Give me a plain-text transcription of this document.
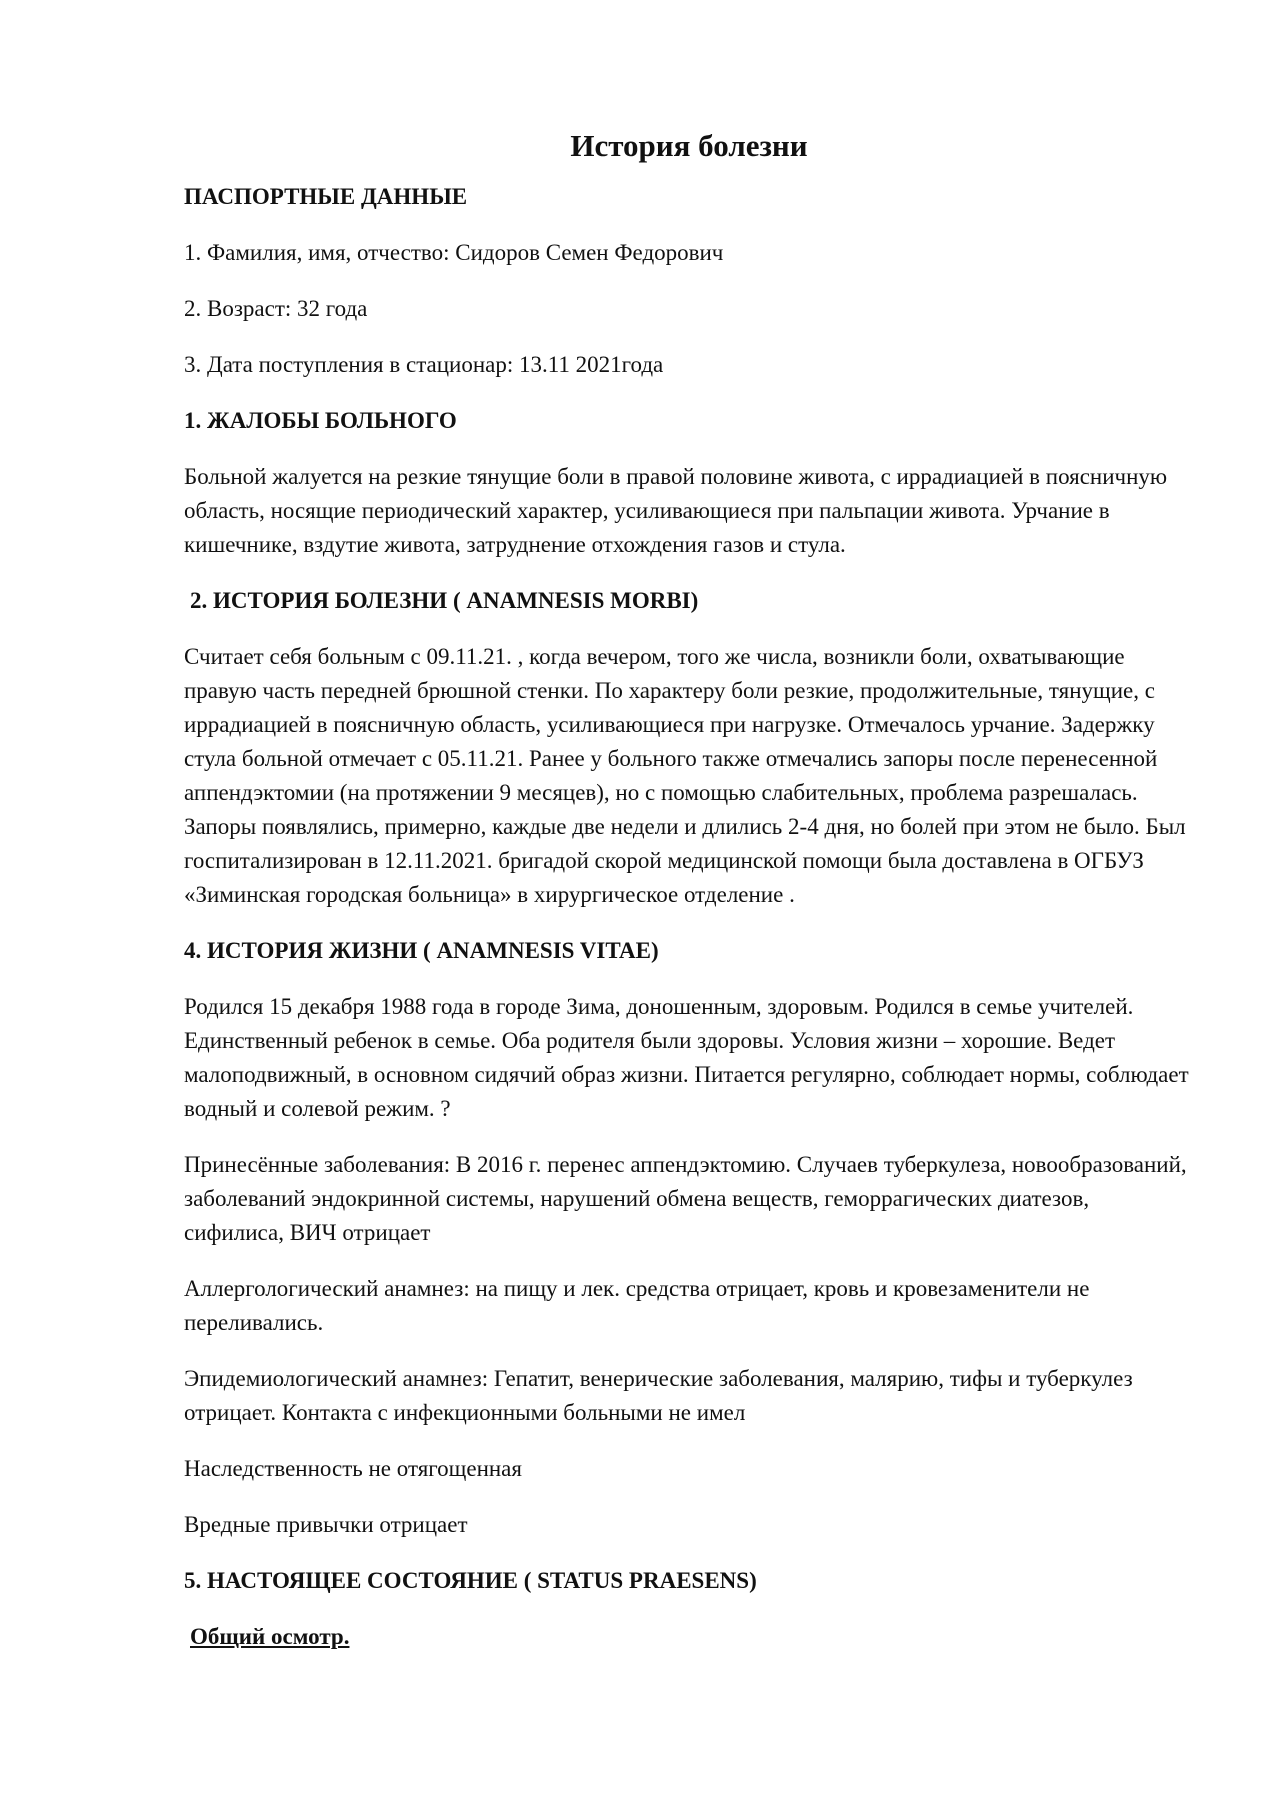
История болезни

ПАСПОРТНЫЕ ДАННЫЕ

1. Фамилия, имя, отчество: Сидоров Семен Федорович

2. Возраст: 32 года

3. Дата поступления в стационар: 13.11 2021года

1. ЖАЛОБЫ БОЛЬНОГО

Больной жалуется на резкие тянущие боли в правой половине живота, с иррадиацией в поясничную область, носящие периодический характер, усиливающиеся при пальпации живота. Урчание в кишечнике, вздутие живота, затруднение отхождения газов и стула.

2. ИСТОРИЯ БОЛЕЗНИ ( ANAMNESIS MORBI)

Считает себя больным с 09.11.21. , когда вечером, того же числа, возникли боли, охватывающие правую часть передней брюшной стенки. По характеру боли резкие, продолжительные, тянущие, с иррадиацией в поясничную область, усиливающиеся при нагрузке. Отмечалось урчание. Задержку стула больной отмечает с 05.11.21. Ранее у больного также отмечались запоры после перенесенной аппендэктомии (на протяжении 9 месяцев), но с помощью слабительных, проблема разрешалась. Запоры появлялись, примерно, каждые две недели и длились 2-4 дня, но болей при этом не было. Был госпитализирован в 12.11.2021. бригадой скорой медицинской помощи была доставлена в ОГБУЗ «Зиминская городская больница» в хирургическое отделение .

4. ИСТОРИЯ ЖИЗНИ ( ANAMNESIS VITAE)

Родился 15 декабря 1988 года в городе Зима, доношенным, здоровым. Родился в семье учителей. Единственный ребенок в семье. Оба родителя были здоровы. Условия жизни – хорошие. Ведет малоподвижный, в основном сидячий образ жизни. Питается регулярно, соблюдает нормы, соблюдает водный и солевой режим. ?

Принесённые заболевания: В 2016 г. перенес аппендэктомию. Случаев туберкулеза, новообразований, заболеваний эндокринной системы, нарушений обмена веществ, геморрагических диатезов, сифилиса, ВИЧ отрицает

Аллергологический анамнез: на пищу и лек. средства отрицает, кровь и кровезаменители не переливались.

Эпидемиологический анамнез: Гепатит, венерические заболевания, малярию, тифы и туберкулез отрицает. Контакта с инфекционными больными не имел

Наследственность не отягощенная

Вредные привычки отрицает

5. НАСТОЯЩЕЕ СОСТОЯНИЕ ( STATUS PRAESENS)

Общий осмотр.
